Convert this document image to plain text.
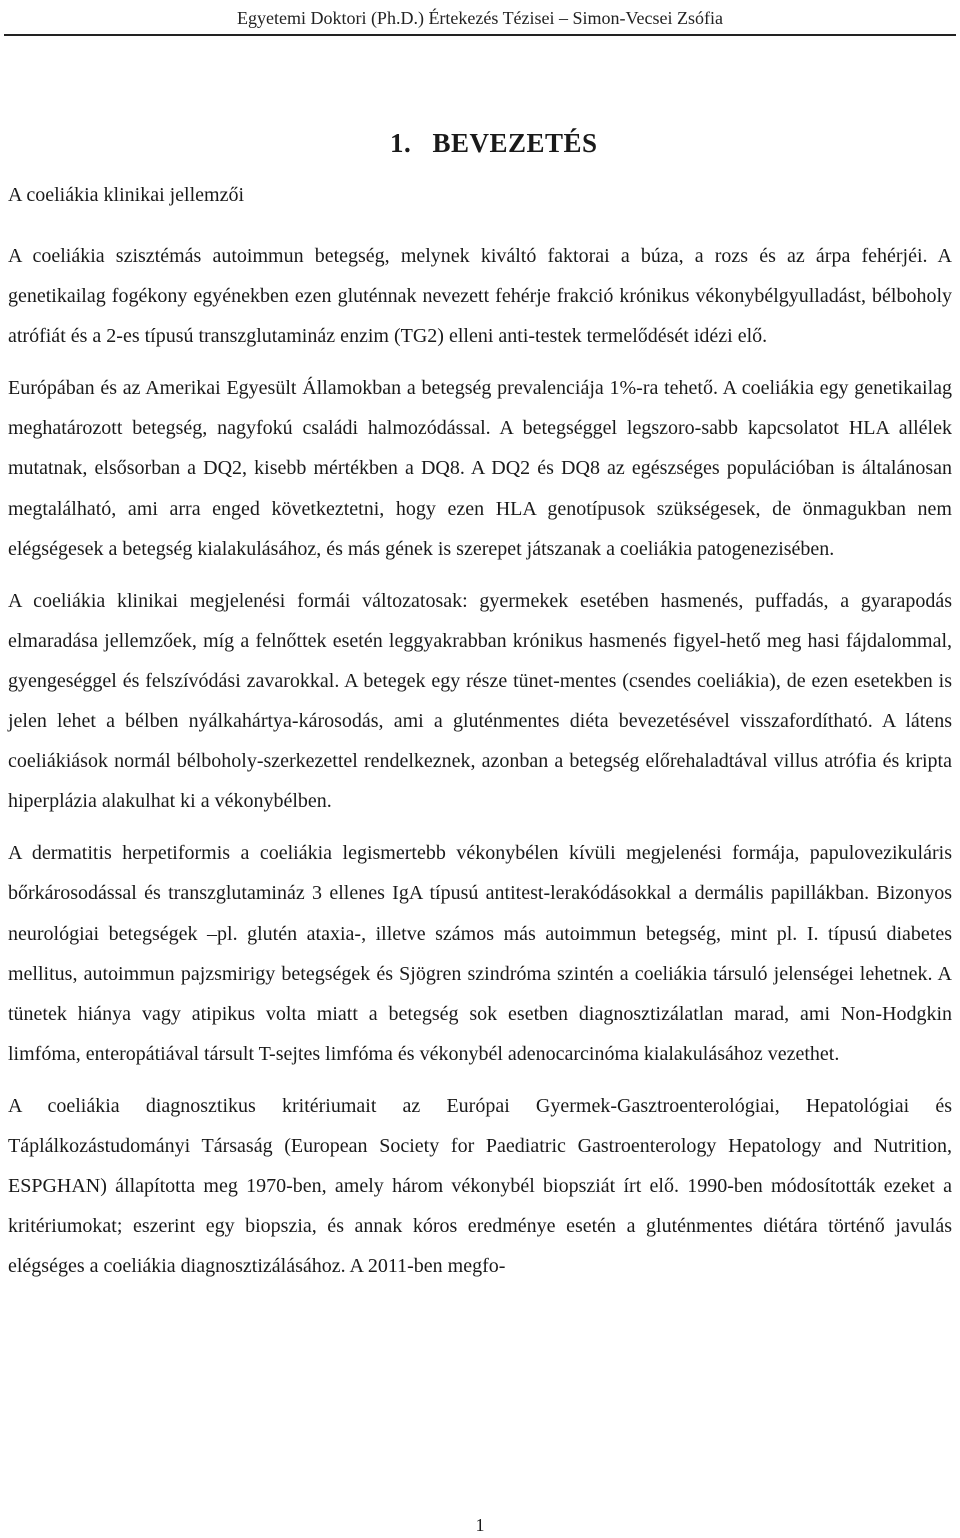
Egyetemi Doktori (Ph.D.) Értekezés Tézisei – Simon-Vecsei Zsófia
1. BEVEZETÉS
A coeliákia klinikai jellemzői

A coeliákia szisztémás autoimmun betegség, melynek kiváltó faktorai a búza, a rozs és az árpa fehérjéi. A genetikailag fogékony egyénekben ezen gluténnak nevezett fehérje frakció krónikus vékonybélgyulladást, bélboholy atrófiát és a 2-es típusú transzglutamináz enzim (TG2) elleni anti-testek termelődését idézi elő.

Európában és az Amerikai Egyesült Államokban a betegség prevalenciája 1%-ra tehető. A coeliákia egy genetikailag meghatározott betegség, nagyfokú családi halmozódással. A betegséggel legszoro-sabb kapcsolatot HLA allélek mutatnak, elsősorban a DQ2, kisebb mértékben a DQ8. A DQ2 és DQ8 az egészséges populációban is általánosan megtalálható, ami arra enged következtetni, hogy ezen HLA genotípusok szükségesek, de önmagukban nem elégségesek a betegség kialakulásához, és más gének is szerepet játszanak a coeliákia patogenezisében.

A coeliákia klinikai megjelenési formái változatosak: gyermekek esetében hasmenés, puffadás, a gyarapodás elmaradása jellemzőek, míg a felnőttek esetén leggyakrabban krónikus hasmenés figyel-hető meg hasi fájdalommal, gyengeséggel és felszívódási zavarokkal. A betegek egy része tünet-mentes (csendes coeliákia), de ezen esetekben is jelen lehet a bélben nyálkahártya-károsodás, ami a gluténmentes diéta bevezetésével visszafordítható. A látens coeliákiások normál bélboholy-szerkezettel rendelkeznek, azonban a betegség előrehaladtával villus atrófia és kripta hiperplázia alakulhat ki a vékonybélben.

A dermatitis herpetiformis a coeliákia legismertebb vékonybélen kívüli megjelenési formája, papulovezikuláris bőrkárosodással és transzglutamináz 3 ellenes IgA típusú antitest-lerakódásokkal a dermális papillákban. Bizonyos neurológiai betegségek –pl. glutén ataxia-, illetve számos más autoimmun betegség, mint pl. I. típusú diabetes mellitus, autoimmun pajzsmirigy betegségek és Sjögren szindróma szintén a coeliákia társuló jelenségei lehetnek. A tünetek hiánya vagy atipikus volta miatt a betegség sok esetben diagnosztizálatlan marad, ami Non-Hodgkin limfóma, enteropátiával társult T-sejtes limfóma és vékonybél adenocarcinóma kialakulásához vezethet.

A coeliákia diagnosztikus kritériumait az Európai Gyermek-Gasztroenterológiai, Hepatológiai és Táplálkozástudományi Társaság (European Society for Paediatric Gastroenterology Hepatology and Nutrition, ESPGHAN) állapította meg 1970-ben, amely három vékonybél biopsziát írt elő. 1990-ben módosították ezeket a kritériumokat; eszerint egy biopszia, és annak kóros eredménye esetén a gluténmentes diétára történő javulás elégséges a coeliákia diagnosztizálásához. A 2011-ben megfo-

1
